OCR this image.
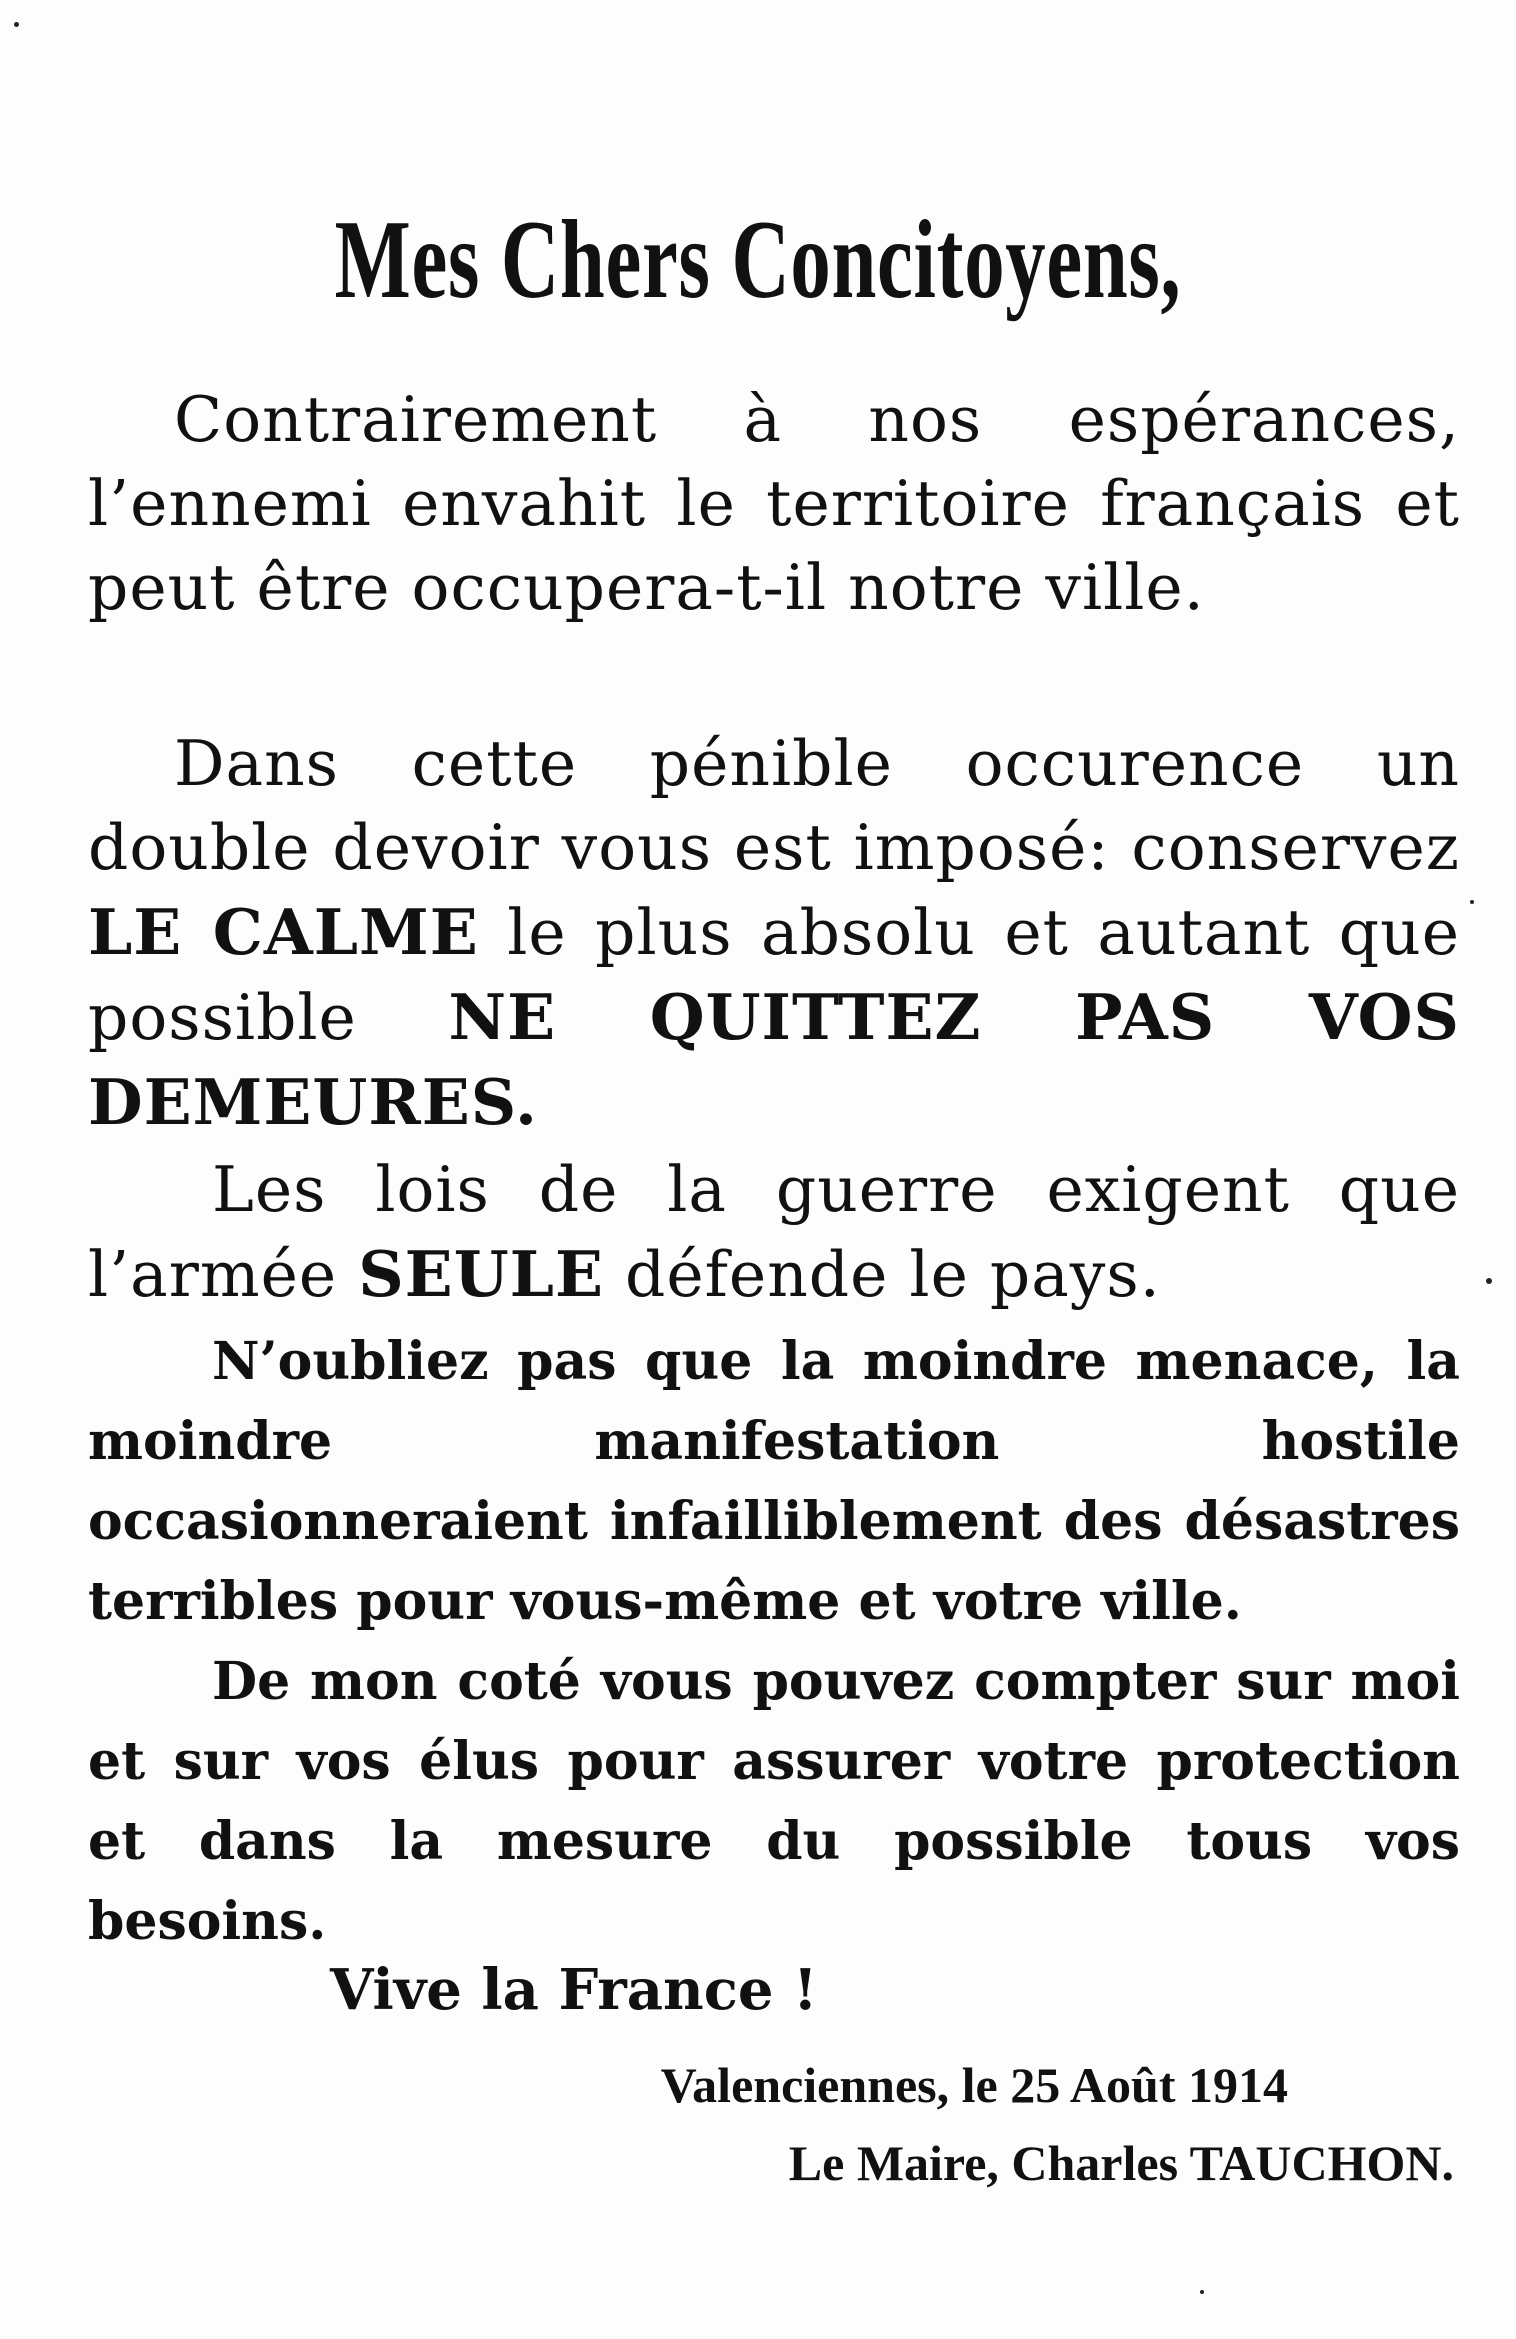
Mes Chers Concitoyens,
Contrairement à nos espérances, l’ennemi envahit le territoire français et peut être occupera-t-il notre ville.
Dans cette pénible occurence un double devoir vous est imposé: conservez LE CALME le plus absolu et autant que possible NE QUITTEZ PAS VOS DEMEURES.
Les lois de la guerre exigent que l’armée SEULE défende le pays.
N’oubliez pas que la moindre menace, la moindre manifestation hostile occasionneraient infailliblement des désastres terribles pour vous-même et votre ville.
De mon coté vous pouvez compter sur moi et sur vos élus pour assurer votre protection et dans la mesure du possible tous vos besoins.
Vive la France !
Valenciennes, le 25 Août 1914
Le Maire, Charles TAUCHON.
